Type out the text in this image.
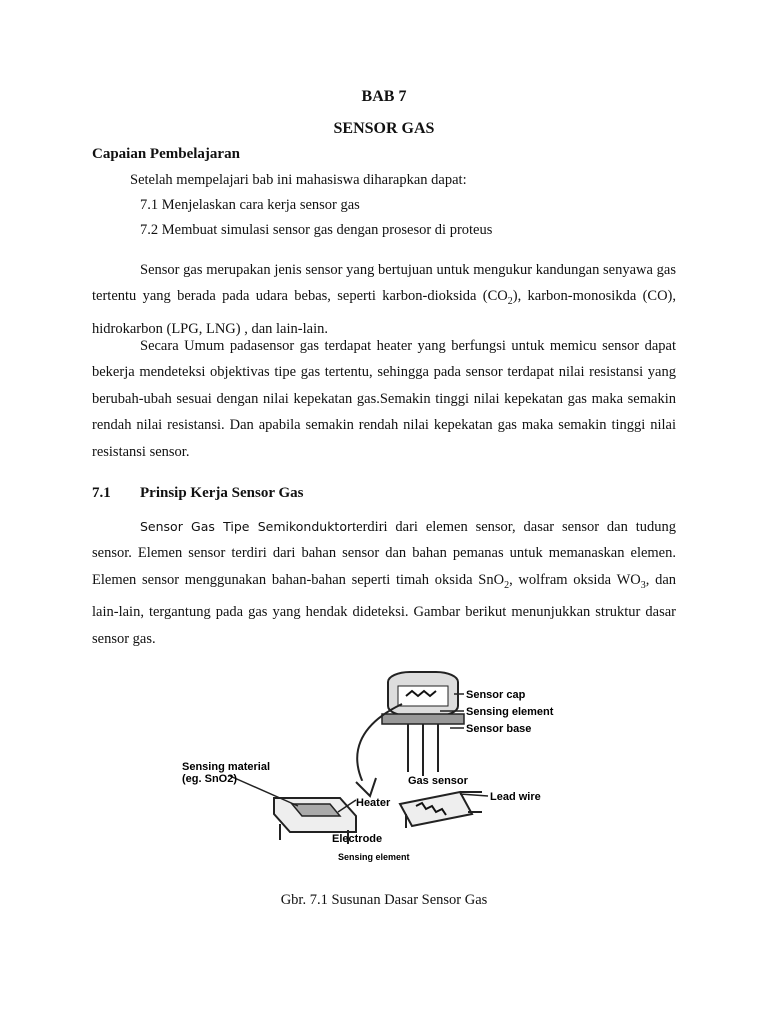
BAB 7
SENSOR GAS
Capaian Pembelajaran
Setelah mempelajari bab ini mahasiswa diharapkan dapat:
7.1 Menjelaskan cara kerja sensor gas
7.2 Membuat simulasi sensor gas dengan prosesor di proteus
Sensor gas merupakan jenis sensor yang bertujuan untuk mengukur kandungan senyawa gas tertentu yang berada pada udara bebas, seperti karbon-dioksida $(CO_2)$, karbon-monosikda (CO), hidrokarbon (LPG, LNG) , dan lain-lain.
Secara Umum padasensor gas terdapat heater yang berfungsi untuk memicu sensor dapat bekerja mendeteksi objektivas tipe gas tertentu, sehingga pada sensor terdapat nilai resistansi yang berubah-ubah sesuai dengan nilai kepekatan gas.Semakin tinggi nilai kepekatan gas maka semakin rendah nilai resistansi. Dan apabila semakin rendah nilai kepekatan gas maka semakin tinggi nilai resistansi sensor.
7.1 Prinsip Kerja Sensor Gas
Sensor Gas Tipe Semikonduktorterdiri dari elemen sensor, dasar sensor dan tudung sensor. Elemen sensor terdiri dari bahan sensor dan bahan pemanas untuk memanaskan elemen. Elemen sensor menggunakan bahan-bahan seperti timah oksida SnO$_2$, wolfram oksida $WO_3$, dan lain-lain, tergantung pada gas yang hendak dideteksi. Gambar berikut menunjukkan struktur dasar sensor gas.
Sensor cap
Sensing element
Sensor base
Sensing material
(eg. SnO2)
Heater
Electrode
Gas sensor
Lead wire
Sensing element
Gbr. 7.1 Susunan Dasar Sensor Gas
